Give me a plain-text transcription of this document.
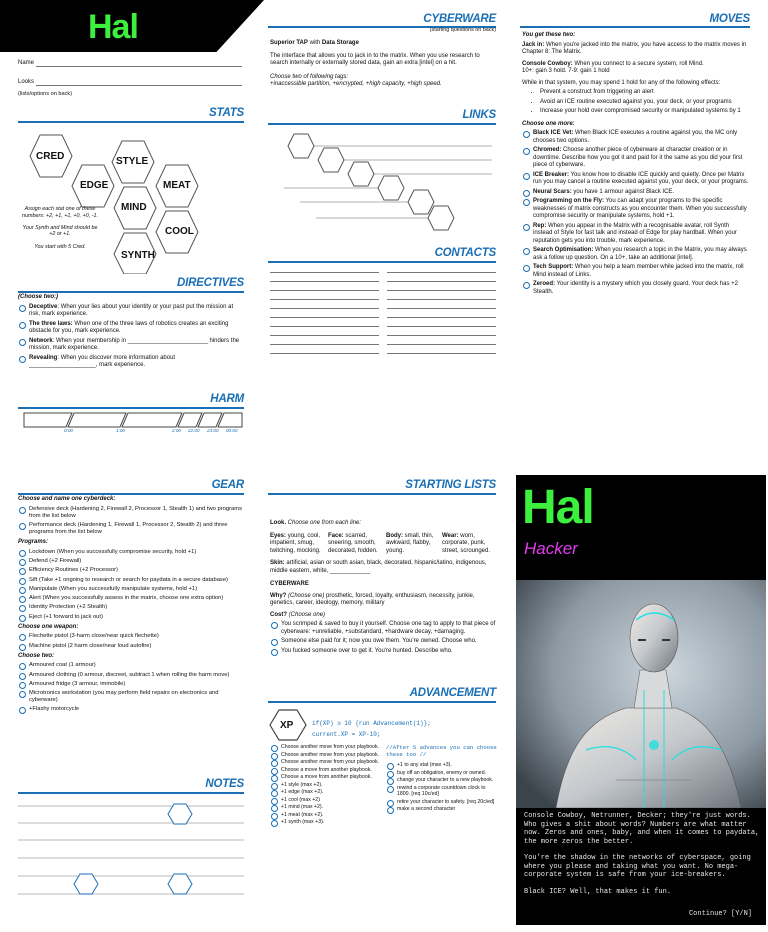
Hal
Name
Looks
(lists/options on back)
STATS
CRED	STYLE
EDGE	MEAT
MIND
COOL
SYNTH
Assign each stat one of these numbers: +2, +1, +1, +0, +0, -1.
Your Synth and Mind should be +2 or +1.
You start with 5 Cred.
DIRECTIVES
(Choose two:)
Deceptive: When your lies about your identity or your past put the mission at risk, mark experience.
The three laws: When one of the three laws of robotics creates an exciting obstacle for you, mark experience.
Network: When your membership in ________________________ hinders the mission, mark experience.
Revealing: When you discover more information about ____________________, mark experience.
HARM
0:00	1:00	2:00 22:00 23:00 00:00
CYBERWARE
(starting questions on back)
Superior TAP with Data Storage
The interface that allows you to jack in to the matrix. When you use research to search internally or externally stored data, gain an extra [intel] on a hit.
Choose two of following tags:
+inaccessible partition, +encrypted, +high capacity, +high speed.
LINKS
CONTACTS
MOVES
You get these two:
Jack in: When you're jacked into the matrix, you have access to the matrix moves in Chapter 8: The Matrix.
Console Cowboy: When you connect to a secure system, roll Mind.
10+: gain 3 hold. 7-9: gain 1 hold
While in that system, you may spend 1 hold for any of the following effects:
• Prevent a construct from triggering an alert
• Avoid an ICE routine executed against you, your deck, or your programs
• Increase your hold over compromised security or manipulated systems by 1
Choose one more:
Black ICE Vet: When Black ICE executes a routine against you, the MC only chooses two options.
Chromed: Choose another piece of cyberware at character creation or in downtime. Describe how you got it and paid for it the same as you did your first piece of cyberware.
ICE Breaker: You know how to disable ICE quickly and quietly. Once per Matrix run you may cancel a routine executed against you, your deck, or your programs.
Neural Scars: you have 1 armour against Black ICE.
Programming on the Fly: You can adapt your programs to the specific weaknesses of matrix constructs as you encounter them. When you successfully compromise security or manipulate systems, hold +1.
Rep: When you appear in the Matrix with a recognisable avatar, roll Synth instead of Style for fast talk and instead of Edge for play hardball. When your reputation gets you into trouble, mark experience.
Search Optimisation: When you research a topic in the Matrix, you may always ask a follow up question. On a 10+, take an additional [intel].
Tech Support: When you help a team member while jacked into the matrix, roll Mind instead of Links.
Zeroed: Your identity is a mystery which you closely guard. Your deck has +2 Stealth.
GEAR
Choose and name one cyberdeck:
Defensive deck (Hardening 2, Firewall 2, Processor 1, Stealth 1) and two programs from the list below
Performance deck (Hardening 1, Firewall 1, Processor 2, Stealth 2) and three programs from the list below
Programs:
Lockdown (When you successfully compromise security, hold +1)
Defend (+2 Firewall)
Efficiency Routines (+2 Processor)
Sift (Take +1 ongoing to research or search for paydata in a secure database)
Manipulate (When you successfully manipulate systems, hold +1)
Alert (When you successfully assess in the matrix, choose one extra option)
Identity Protection (+2 Stealth)
Eject (+1 forward to jack out)
Choose one weapon:
Flechette pistol (3-harm close/near quick flechette)
Machine pistol (2 harm close/near loud autofire)
Choose two:
Armoured coat (1 armour)
Armoured clothing (0 armour, discreet, subtract 1 when rolling the harm move)
Armoured fridge (3 armour, immobile)
Microtronics workstation (you may perform field repairs on electronics and cyberware)
+Flashy motorcycle
NOTES
STARTING LISTS
Look. Choose one from each line:
Eyes: young, cool, impatient, smug, twitching, mocking.
Face: scarred, sneering, smooth, decorated, hidden.
Body: small, thin, awkward, flabby, young.
Wear: worn, corporate, punk, street, scrounged.
Skin: artificial, asian or south asian, black, decorated, hispanic/latino, indigenous, middle eastern, white, ____________
CYBERWARE
Why? (Choose one) prosthetic, forced, loyalty, enthusiasm, necessity, junkie, genetics, career, ideology, memory, military
Cost? (Choose one)
You scrimped & saved to buy it yourself. Choose one tag to apply to that piece of cyberware: +unreliable, +substandard, +hardware decay, +damaging.
Someone else paid for it; now you owe them. You're owned. Choose who.
You fucked someone over to get it. You're hunted. Describe who.
ADVANCEMENT
XP	if(XP) ≥ 10 {run Advancement(1)};
current.XP = XP-10;
Choose another move from your playbook.
Choose another move from your playbook.
Choose another move from your playbook.
Choose a move from another playbook.
Choose a move from another playbook.
+1 style (max +2).
+1 edge (max +2).
+1 cool (max +2)
+1 mind (max +2).
+1 meat (max +2).
+1 synth (max +3).
//After 5 advances you can choose these too //
+1 to any stat (max +3).
buy off an obligation, enemy or owned.
change your character to a new playbook.
rewind a corporate countdown clock to 1800. [req 10c/ed]
retire your character to safety. [req 20c/ed]
make a second character
Hal
Hacker
Console Cowboy, Netrunner, Decker; they're just words. Who gives a shit about words? Numbers are what matter now. Zeros and ones, baby, and when it comes to paydata, the more zeros the better.
You're the shadow in the networks of cyberspace, going where you please and taking what you want. No mega-corporate system is safe from your ice-breakers.
Black ICE? Well, that makes it fun.
Continue? [Y/N]
